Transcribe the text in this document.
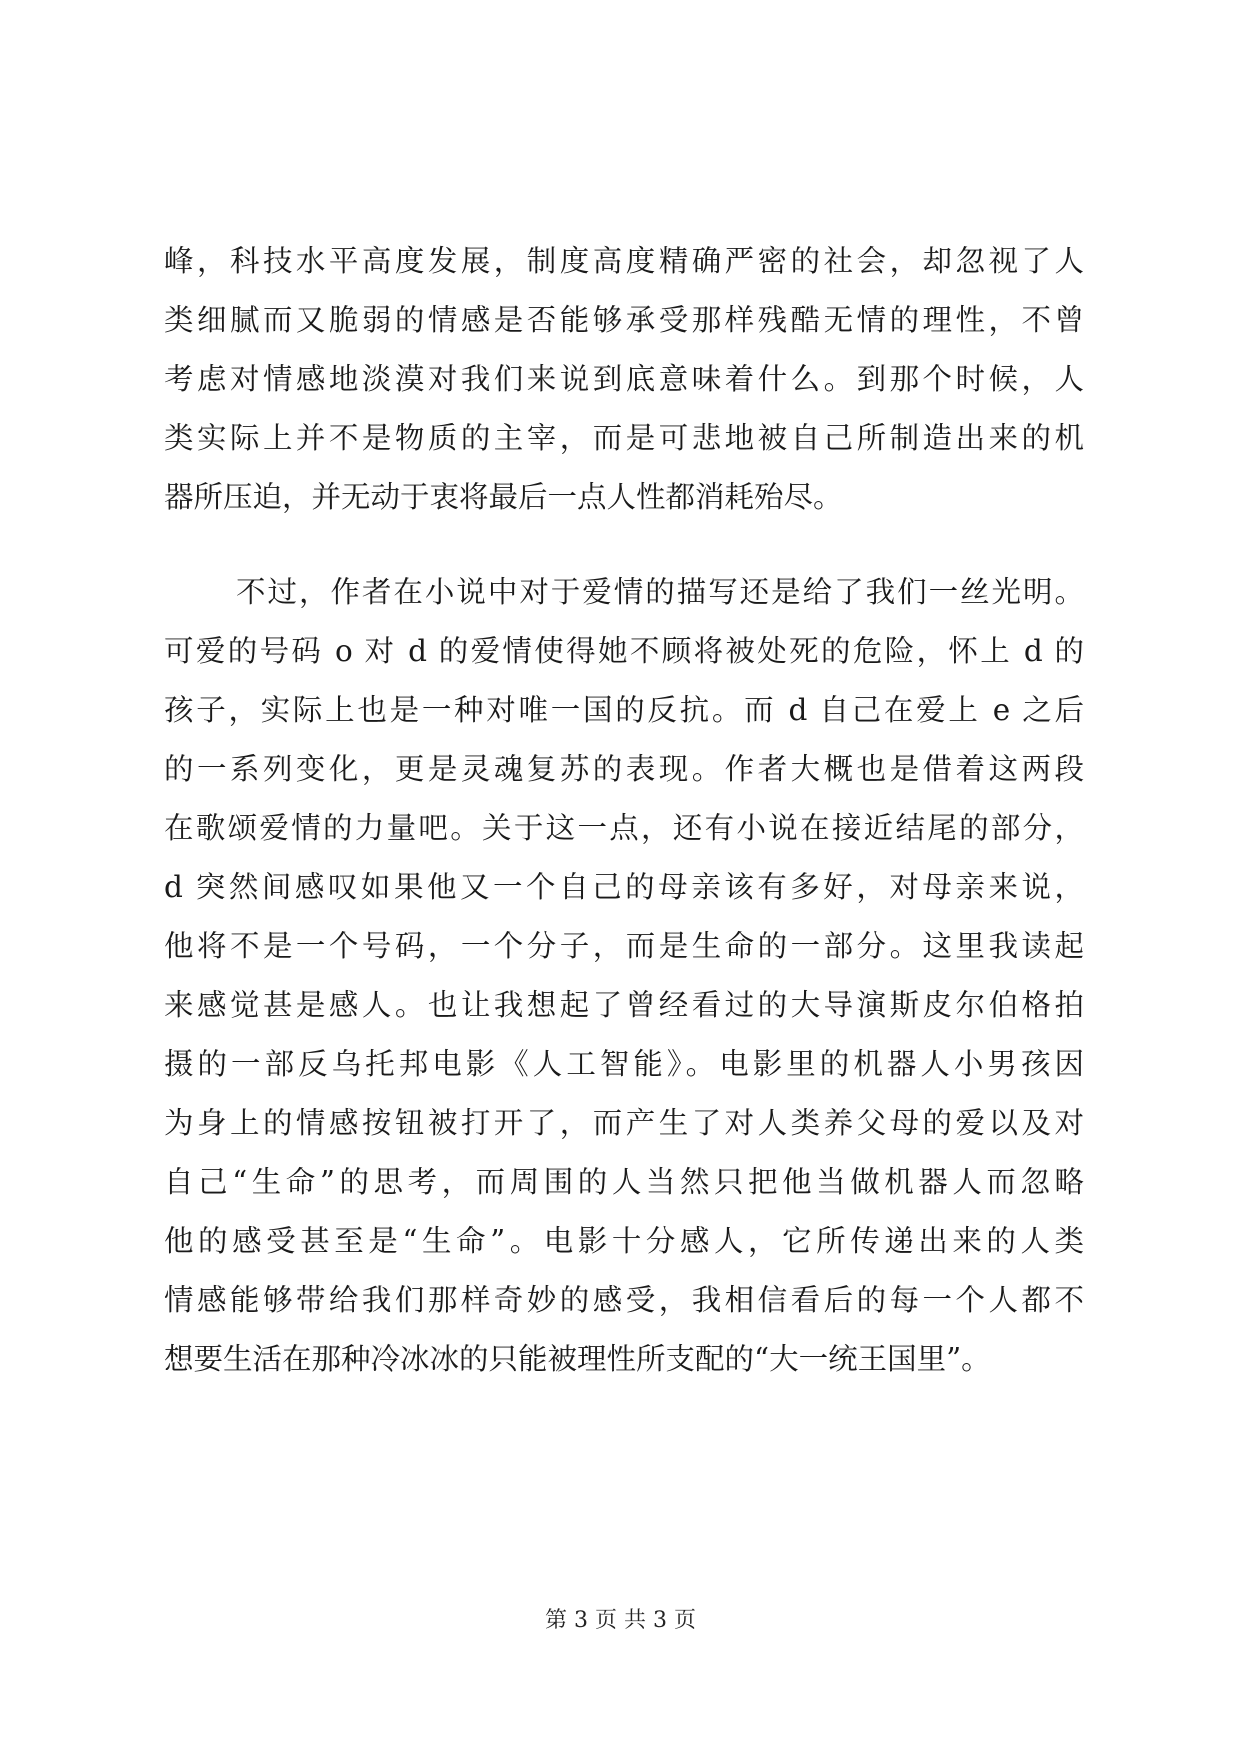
峰，科技水平高度发展，制度高度精确严密的社会，却忽视了人
类细腻而又脆弱的情感是否能够承受那样残酷无情的理性，不曾
考虑对情感地淡漠对我们来说到底意味着什么。到那个时候，人
类实际上并不是物质的主宰，而是可悲地被自己所制造出来的机
器所压迫，并无动于衷将最后一点人性都消耗殆尽。
不过，作者在小说中对于爱情的描写还是给了我们一丝光明。
可爱的号码 o 对 d 的爱情使得她不顾将被处死的危险，怀上 d 的
孩子，实际上也是一种对唯一国的反抗。而 d 自己在爱上 e 之后
的一系列变化，更是灵魂复苏的表现。作者大概也是借着这两段
在歌颂爱情的力量吧。关于这一点，还有小说在接近结尾的部分，
d 突然间感叹如果他又一个自己的母亲该有多好，对母亲来说，
他将不是一个号码，一个分子，而是生命的一部分。这里我读起
来感觉甚是感人。也让我想起了曾经看过的大导演斯皮尔伯格拍
摄的一部反乌托邦电影《人工智能》。电影里的机器人小男孩因
为身上的情感按钮被打开了，而产生了对人类养父母的爱以及对
自己“生命”的思考，而周围的人当然只把他当做机器人而忽略
他的感受甚至是“生命”。电影十分感人，它所传递出来的人类
情感能够带给我们那样奇妙的感受，我相信看后的每一个人都不
想要生活在那种冷冰冰的只能被理性所支配的“大一统王国里”。
第 3 页 共 3 页
